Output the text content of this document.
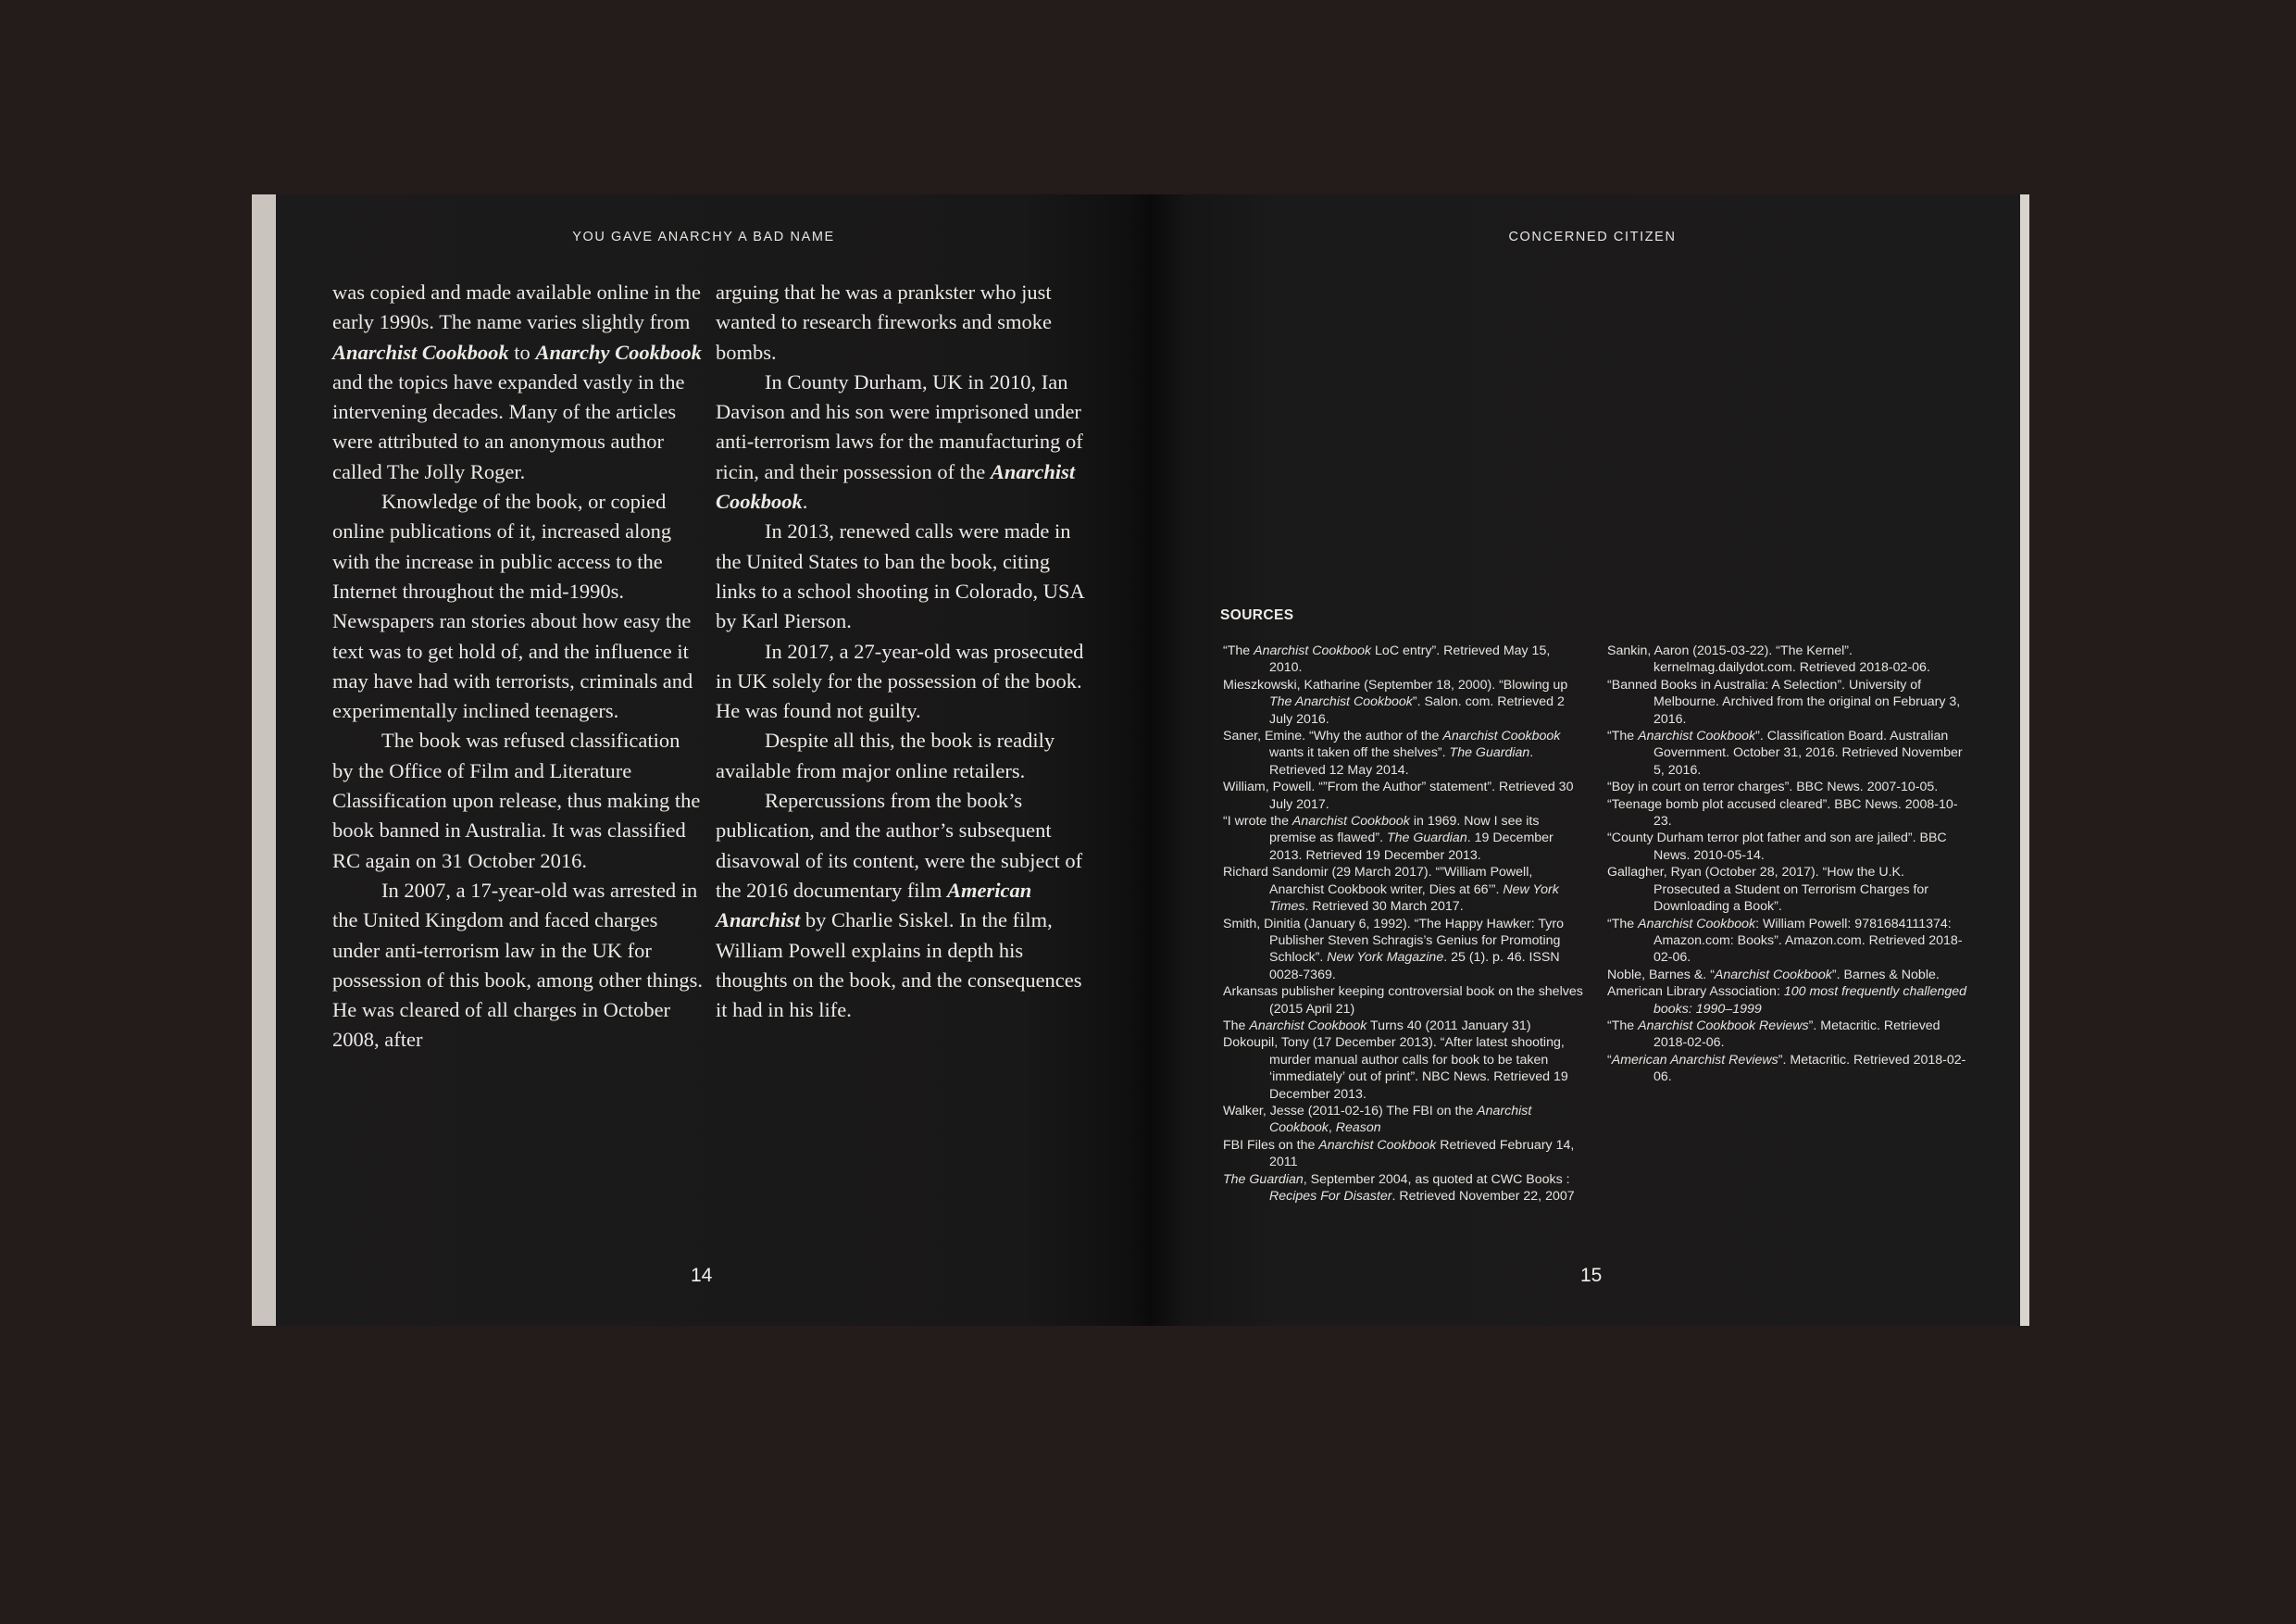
YOU GAVE ANARCHY A BAD NAME

was copied and made available online in the early 1990s. The name varies slightly from Anarchist Cookbook to Anarchy Cookbook and the topics have expanded vastly in the intervening decades. Many of the articles were attributed to an anonymous author called The Jolly Roger.

Knowledge of the book, or copied online publications of it, increased along with the increase in public access to the Internet throughout the mid-1990s. Newspapers ran stories about how easy the text was to get hold of, and the influence it may have had with terrorists, criminals and experimentally inclined teenagers.

The book was refused classification by the Office of Film and Literature Classification upon release, thus making the book banned in Australia. It was classified RC again on 31 October 2016.

In 2007, a 17-year-old was arrested in the United Kingdom and faced charges under anti-terrorism law in the UK for possession of this book, among other things. He was cleared of all charges in October 2008, after

arguing that he was a prankster who just wanted to research fireworks and smoke bombs.

In County Durham, UK in 2010, Ian Davison and his son were imprisoned under anti-terrorism laws for the manufacturing of ricin, and their possession of the Anarchist Cookbook.

In 2013, renewed calls were made in the United States to ban the book, citing links to a school shooting in Colorado, USA by Karl Pierson.

In 2017, a 27-year-old was prosecuted in UK solely for the possession of the book. He was found not guilty.

Despite all this, the book is readily available from major online retailers.

Repercussions from the book’s publication, and the author’s subsequent disavowal of its content, were the subject of the 2016 documentary film American Anarchist by Charlie Siskel. In the film, William Powell explains in depth his thoughts on the book, and the consequences it had in his life.

14
CONCERNED CITIZEN
SOURCES

“The Anarchist Cookbook LoC entry”. Retrieved May 15, 2010.

Mieszkowski, Katharine (September 18, 2000). “Blowing up The Anarchist Cookbook”. Salon. com. Retrieved 2 July 2016.

Saner, Emine. “Why the author of the Anarchist Cookbook wants it taken off the shelves”. The Guardian. Retrieved 12 May 2014.

William, Powell. “”From the Author” statement”. Retrieved 30 July 2017.

“I wrote the Anarchist Cookbook in 1969. Now I see its premise as flawed”. The Guardian. 19 December 2013. Retrieved 19 December 2013.

Richard Sandomir (29 March 2017). “”William Powell, Anarchist Cookbook writer, Dies at 66’”. New York Times. Retrieved 30 March 2017.

Smith, Dinitia (January 6, 1992). “The Happy Hawker: Tyro Publisher Steven Schragis’s Genius for Promoting Schlock”. New York Magazine. 25 (1). p. 46. ISSN 0028-7369.

Arkansas publisher keeping controversial book on the shelves (2015 April 21)

The Anarchist Cookbook Turns 40 (2011 January 31)

Dokoupil, Tony (17 December 2013). “After latest shooting, murder manual author calls for book to be taken ‘immediately’ out of print”. NBC News. Retrieved 19 December 2013.

Walker, Jesse (2011-02-16) The FBI on the Anarchist Cookbook, Reason

FBI Files on the Anarchist Cookbook Retrieved February 14, 2011

The Guardian, September 2004, as quoted at CWC Books : Recipes For Disaster. Retrieved November 22, 2007

Sankin, Aaron (2015-03-22). “The Kernel”. kernelmag.dailydot.com. Retrieved 2018-02-06.

“Banned Books in Australia: A Selection”. University of Melbourne. Archived from the original on February 3, 2016.

“The Anarchist Cookbook”. Classification Board. Australian Government. October 31, 2016. Retrieved November 5, 2016.

“Boy in court on terror charges”. BBC News. 2007-10-05.

“Teenage bomb plot accused cleared”. BBC News. 2008-10-23.

“County Durham terror plot father and son are jailed”. BBC News. 2010-05-14.

Gallagher, Ryan (October 28, 2017). “How the U.K. Prosecuted a Student on Terrorism Charges for Downloading a Book”.

“The Anarchist Cookbook: William Powell: 9781684111374: Amazon.com: Books”. Amazon.com. Retrieved 2018-02-06.

Noble, Barnes &. “Anarchist Cookbook”. Barnes & Noble.

American Library Association: 100 most frequently challenged books: 1990–1999

“The Anarchist Cookbook Reviews”. Metacritic. Retrieved 2018-02-06.

“American Anarchist Reviews”. Metacritic. Retrieved 2018-02-06.

15
